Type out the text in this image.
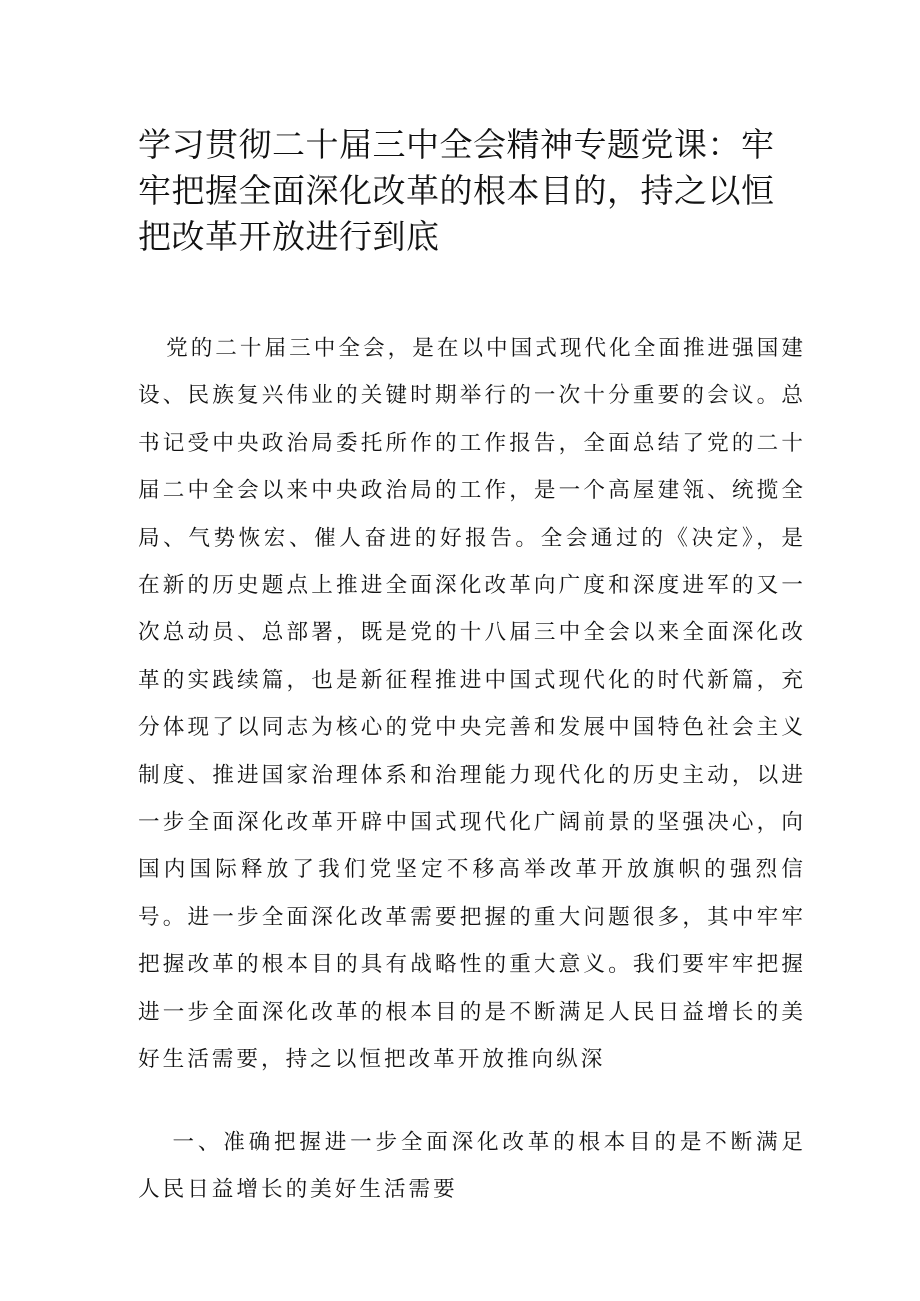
学习贯彻二十届三中全会精神专题党课：牢牢把握全面深化改革的根本目的，持之以恒把改革开放进行到底

党的二十届三中全会，是在以中国式现代化全面推进强国建设、民族复兴伟业的关键时期举行的一次十分重要的会议。总书记受中央政治局委托所作的工作报告，全面总结了党的二十届二中全会以来中央政治局的工作，是一个高屋建瓴、统揽全局、气势恢宏、催人奋进的好报告。全会通过的《决定》，是在新的历史题点上推进全面深化改革向广度和深度进军的又一次总动员、总部署，既是党的十八届三中全会以来全面深化改革的实践续篇，也是新征程推进中国式现代化的时代新篇，充分体现了以同志为核心的党中央完善和发展中国特色社会主义制度、推进国家治理体系和治理能力现代化的历史主动，以进一步全面深化改革开辟中国式现代化广阔前景的坚强决心，向国内国际释放了我们党坚定不移高举改革开放旗帜的强烈信号。进一步全面深化改革需要把握的重大问题很多，其中牢牢把握改革的根本目的具有战略性的重大意义。我们要牢牢把握进一步全面深化改革的根本目的是不断满足人民日益增长的美好生活需要，持之以恒把改革开放推向纵深

一、准确把握进一步全面深化改革的根本目的是不断满足人民日益增长的美好生活需要
